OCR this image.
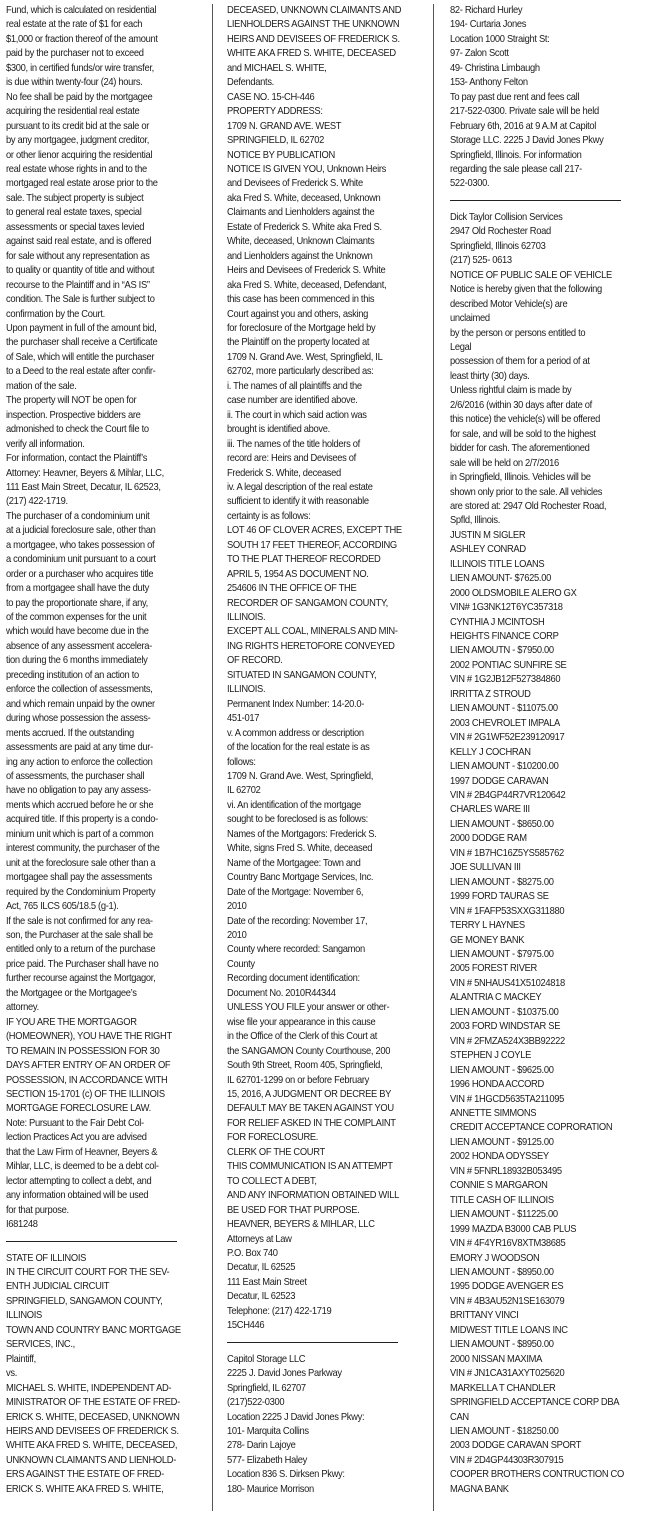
Fund, which is calculated on residential
real estate at the rate of $1 for each
$1,000 or fraction thereof of the amount
paid by the purchaser not to exceed
$300, in certified funds/or wire transfer,
is due within twenty-four (24) hours.
No fee shall be paid by the mortgagee
acquiring the residential real estate
pursuant to its credit bid at the sale or
by any mortgagee, judgment creditor,
or other lienor acquiring the residential
real estate whose rights in and to the
mortgaged real estate arose prior to the
sale. The subject property is subject
to general real estate taxes, special
assessments or special taxes levied
against said real estate, and is offered
for sale without any representation as
to quality or quantity of title and without
recourse to the Plaintiff and in “AS IS”
condition. The Sale is further subject to
confirmation by the Court.
Upon payment in full of the amount bid,
the purchaser shall receive a Certificate
of Sale, which will entitle the purchaser
to a Deed to the real estate after confir-
mation of the sale.
The property will NOT be open for
inspection. Prospective bidders are
admonished to check the Court file to
verify all information.
For information, contact the Plaintiff’s
Attorney: Heavner, Beyers & Mihlar, LLC,
111 East Main Street, Decatur, IL 62523,
(217) 422-1719.
The purchaser of a condominium unit
at a judicial foreclosure sale, other than
a mortgagee, who takes possession of
a condominium unit pursuant to a court
order or a purchaser who acquires title
from a mortgagee shall have the duty
to pay the proportionate share, if any,
of the common expenses for the unit
which would have become due in the
absence of any assessment accelera-
tion during the 6 months immediately
preceding institution of an action to
enforce the collection of assessments,
and which remain unpaid by the owner
during whose possession the assess-
ments accrued. If the outstanding
assessments are paid at any time dur-
ing any action to enforce the collection
of assessments, the purchaser shall
have no obligation to pay any assess-
ments which accrued before he or she
acquired title. If this property is a condo-
minium unit which is part of a common
interest community, the purchaser of the
unit at the foreclosure sale other than a
mortgagee shall pay the assessments
required by the Condominium Property
Act, 765 ILCS 605/18.5 (g-1).
If the sale is not confirmed for any rea-
son, the Purchaser at the sale shall be
entitled only to a return of the purchase
price paid. The Purchaser shall have no
further recourse against the Mortgagor,
the Mortgagee or the Mortgagee’s
attorney.
IF YOU ARE THE MORTGAGOR
(HOMEOWNER), YOU HAVE THE RIGHT
TO REMAIN IN POSSESSION FOR 30
DAYS AFTER ENTRY OF AN ORDER OF
POSSESSION, IN ACCORDANCE WITH
SECTION 15-1701 (c) OF THE ILLINOIS
MORTGAGE FORECLOSURE LAW.
Note: Pursuant to the Fair Debt Col-
lection Practices Act you are advised
that the Law Firm of Heavner, Beyers &
Mihlar, LLC, is deemed to be a debt col-
lector attempting to collect a debt, and
any information obtained will be used
for that purpose.
I681248
STATE OF ILLINOIS
IN THE CIRCUIT COURT FOR THE SEV-
ENTH JUDICIAL CIRCUIT
SPRINGFIELD, SANGAMON COUNTY,
ILLINOIS
TOWN AND COUNTRY BANC MORTGAGE
SERVICES, INC.,
Plaintiff,
vs.
MICHAEL S. WHITE, INDEPENDENT AD-
MINISTRATOR OF THE ESTATE OF FRED-
ERICK S. WHITE, DECEASED, UNKNOWN
HEIRS AND DEVISEES OF FREDERICK S.
WHITE AKA FRED S. WHITE, DECEASED,
UNKNOWN CLAIMANTS AND LIENHOLD-
ERS AGAINST THE ESTATE OF FRED-
ERICK S. WHITE AKA FRED S. WHITE,
DECEASED, UNKNOWN CLAIMANTS AND
LIENHOLDERS AGAINST THE UNKNOWN
HEIRS AND DEVISEES OF FREDERICK S.
WHITE AKA FRED S. WHITE, DECEASED
and MICHAEL S. WHITE,
Defendants.
CASE NO. 15-CH-446
PROPERTY ADDRESS:
1709 N. GRAND AVE. WEST
SPRINGFIELD, IL 62702
NOTICE BY PUBLICATION
NOTICE IS GIVEN YOU, Unknown Heirs
and Devisees of Frederick S. White
aka Fred S. White, deceased, Unknown
Claimants and Lienholders against the
Estate of Frederick S. White aka Fred S.
White, deceased, Unknown Claimants
and Lienholders against the Unknown
Heirs and Devisees of Frederick S. White
aka Fred S. White, deceased, Defendant,
this case has been commenced in this
Court against you and others, asking
for foreclosure of the Mortgage held by
the Plaintiff on the property located at
1709 N. Grand Ave. West, Springfield, IL
62702, more particularly described as:
i. The names of all plaintiffs and the
case number are identified above.
ii. The court in which said action was
brought is identified above.
iii. The names of the title holders of
record are: Heirs and Devisees of
Frederick S. White, deceased
iv. A legal description of the real estate
sufficient to identify it with reasonable
certainty is as follows:
LOT 46 OF CLOVER ACRES, EXCEPT THE
SOUTH 17 FEET THEREOF, ACCORDING
TO THE PLAT THEREOF RECORDED
APRIL 5, 1954 AS DOCUMENT NO.
254606 IN THE OFFICE OF THE
RECORDER OF SANGAMON COUNTY,
ILLINOIS.
EXCEPT ALL COAL, MINERALS AND MIN-
ING RIGHTS HERETOFORE CONVEYED
OF RECORD.
SITUATED IN SANGAMON COUNTY,
ILLINOIS.
Permanent Index Number: 14-20.0-
451-017
v. A common address or description
of the location for the real estate is as
follows:
1709 N. Grand Ave. West, Springfield,
IL 62702
vi. An identification of the mortgage
sought to be foreclosed is as follows:
Names of the Mortgagors: Frederick S.
White, signs Fred S. White, deceased
Name of the Mortgagee: Town and
Country Banc Mortgage Services, Inc.
Date of the Mortgage: November 6,
2010
Date of the recording: November 17,
2010
County where recorded: Sangamon
County
Recording document identification:
Document No. 2010R44344
UNLESS YOU FILE your answer or other-
wise file your appearance in this cause
in the Office of the Clerk of this Court at
the SANGAMON County Courthouse, 200
South 9th Street, Room 405, Springfield,
IL 62701-1299 on or before February
15, 2016, A JUDGMENT OR DECREE BY
DEFAULT MAY BE TAKEN AGAINST YOU
FOR RELIEF ASKED IN THE COMPLAINT
FOR FORECLOSURE.
CLERK OF THE COURT
THIS COMMUNICATION IS AN ATTEMPT
TO COLLECT A DEBT,
AND ANY INFORMATION OBTAINED WILL
BE USED FOR THAT PURPOSE.
HEAVNER, BEYERS & MIHLAR, LLC
Attorneys at Law
P.O. Box 740
Decatur, IL 62525
111 East Main Street
Decatur, IL 62523
Telephone: (217) 422-1719
15CH446
Capitol Storage LLC
2225 J. David Jones Parkway
Springfield, IL 62707
(217)522-0300
Location 2225 J David Jones Pkwy:
101- Marquita Collins
278- Darin Lajoye
577- Elizabeth Haley
Location 836 S. Dirksen Pkwy:
180- Maurice Morrison
82- Richard Hurley
194- Curtaria Jones
Location 1000 Straight St:
97- Zalon Scott
49- Christina Limbaugh
153- Anthony Felton
To pay past due rent and fees call
217-522-0300. Private sale will be held
February 6th, 2016 at 9 A.M at Capitol
Storage LLC. 2225 J David Jones Pkwy
Springfield, Illinois. For information
regarding the sale please call 217-
522-0300.
Dick Taylor Collision Services
2947 Old Rochester Road
Springfield, Illinois 62703
(217) 525- 0613
NOTICE OF PUBLIC SALE OF VEHICLE
Notice is hereby given that the following
described Motor Vehicle(s) are
unclaimed
by the person or persons entitled to
Legal
possession of them for a period of at
least thirty (30) days.
Unless rightful claim is made by
2/6/2016 (within 30 days after date of
this notice) the vehicle(s) will be offered
for sale, and will be sold to the highest
bidder for cash. The aforementioned
sale will be held on 2/7/2016
in Springfield, Illinois. Vehicles will be
shown only prior to the sale. All vehicles
are stored at: 2947 Old Rochester Road,
Spfld, Illinois.
JUSTIN M SIGLER
ASHLEY CONRAD
ILLINOIS TITLE LOANS
LIEN AMOUNT- $7625.00
2000 OLDSMOBILE ALERO GX
VIN# 1G3NK12T6YC357318
CYNTHIA J MCINTOSH
HEIGHTS FINANCE CORP
LIEN AMOUTN - $7950.00
2002 PONTIAC SUNFIRE SE
VIN # 1G2JB12F527384860
IRRITTA Z STROUD
LIEN AMOUNT - $11075.00
2003 CHEVROLET IMPALA
VIN # 2G1WF52E239120917
KELLY J COCHRAN
LIEN AMOUNT - $10200.00
1997 DODGE CARAVAN
VIN # 2B4GP44R7VR120642
CHARLES WARE III
LIEN AMOUNT - $8650.00
2000 DODGE RAM
VIN # 1B7HC16Z5YS585762
JOE SULLIVAN III
LIEN AMOUNT - $8275.00
1999 FORD TAURAS SE
VIN # 1FAFP53SXXG311880
TERRY L HAYNES
GE MONEY BANK
LIEN AMOUNT - $7975.00
2005 FOREST RIVER
VIN # 5NHAUS41X51024818
ALANTRIA C MACKEY
LIEN AMOUNT - $10375.00
2003 FORD WINDSTAR SE
VIN # 2FMZA524X3BB92222
STEPHEN J COYLE
LIEN AMOUNT - $9625.00
1996 HONDA ACCORD
VIN # 1HGCD5635TA211095
ANNETTE SIMMONS
CREDIT ACCEPTANCE COPRORATION
LIEN AMOUNT - $9125.00
2002 HONDA ODYSSEY
VIN # 5FNRL18932B053495
CONNIE S MARGARON
TITLE CASH OF ILLINOIS
LIEN AMOUNT - $11225.00
1999 MAZDA B3000 CAB PLUS
VIN # 4F4YR16V8XTM38685
EMORY J WOODSON
LIEN AMOUNT - $8950.00
1995 DODGE AVENGER ES
VIN # 4B3AU52N1SE163079
BRITTANY VINCI
MIDWEST TITLE LOANS INC
LIEN AMOUNT - $8950.00
2000 NISSAN MAXIMA
VIN # JN1CA31AXYT025620
MARKELLA T CHANDLER
SPRINGFIELD ACCEPTANCE CORP DBA
CAN
LIEN AMOUNT - $18250.00
2003 DODGE CARAVAN SPORT
VIN # 2D4GP44303R307915
COOPER BROTHERS CONTRUCTION CO
MAGNA BANK
